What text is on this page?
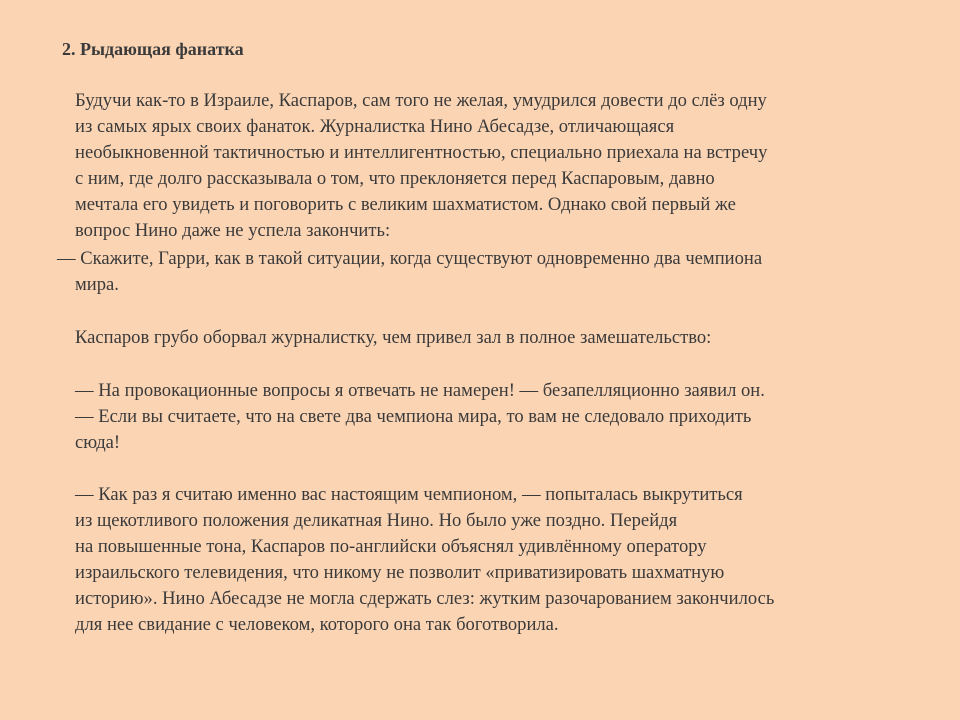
2. Рыдающая фанатка
Будучи как-то в Израиле, Каспаров, сам того не желая, умудрился довести до слёз одну
из самых ярых своих фанаток. Журналистка Нино Абесадзе, отличающаяся
необыкновенной тактичностью и интеллигентностью, специально приехала на встречу
с ним, где долго рассказывала о том, что преклоняется перед Каспаровым, давно
мечтала его увидеть и поговорить с великим шахматистом. Однако свой первый же
вопрос Нино даже не успела закончить:
— Скажите, Гарри, как в такой ситуации, когда существуют одновременно два чемпиона
мира.
Каспаров грубо оборвал журналистку, чем привел зал в полное замешательство:
— На провокационные вопросы я отвечать не намерен! — безапелляционно заявил он.
— Если вы считаете, что на свете два чемпиона мира, то вам не следовало приходить
сюда!
— Как раз я считаю именно вас настоящим чемпионом, — попыталась выкрутиться
из щекотливого положения деликатная Нино. Но было уже поздно. Перейдя
на повышенные тона, Каспаров по-английски объяснял удивлённому оператору
израильского телевидения, что никому не позволит «приватизировать шахматную
историю». Нино Абесадзе не могла сдержать слез: жутким разочарованием закончилось
для нее свидание с человеком, которого она так боготворила.
